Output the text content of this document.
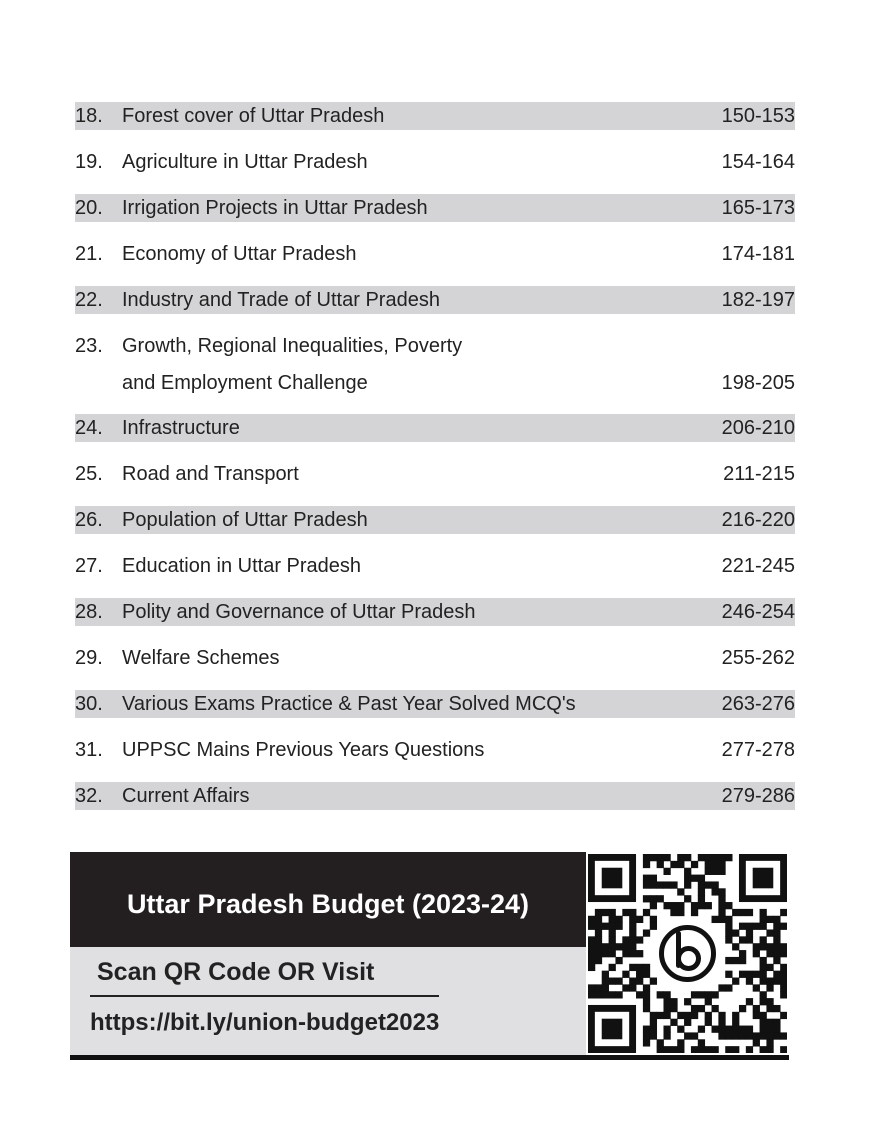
18. Forest cover of Uttar Pradesh	150-153
19. Agriculture in Uttar Pradesh	154-164
20. Irrigation Projects in Uttar Pradesh	165-173
21. Economy of Uttar Pradesh	174-181
22. Industry and Trade of Uttar Pradesh	182-197
23. Growth, Regional Inequalities, Poverty
and Employment Challenge	198-205
24. Infrastructure	206-210
25. Road and Transport	211-215
26. Population of Uttar Pradesh	216-220
27. Education in Uttar Pradesh	221-245
28. Polity and Governance of Uttar Pradesh	246-254
29. Welfare Schemes	255-262
30. Various Exams Practice & Past Year Solved MCQ's	263-276
31. UPPSC Mains Previous Years Questions	277-278
32. Current Affairs	279-286
Uttar Pradesh Budget (2023-24)
Scan QR Code OR Visit
https://bit.ly/union-budget2023
